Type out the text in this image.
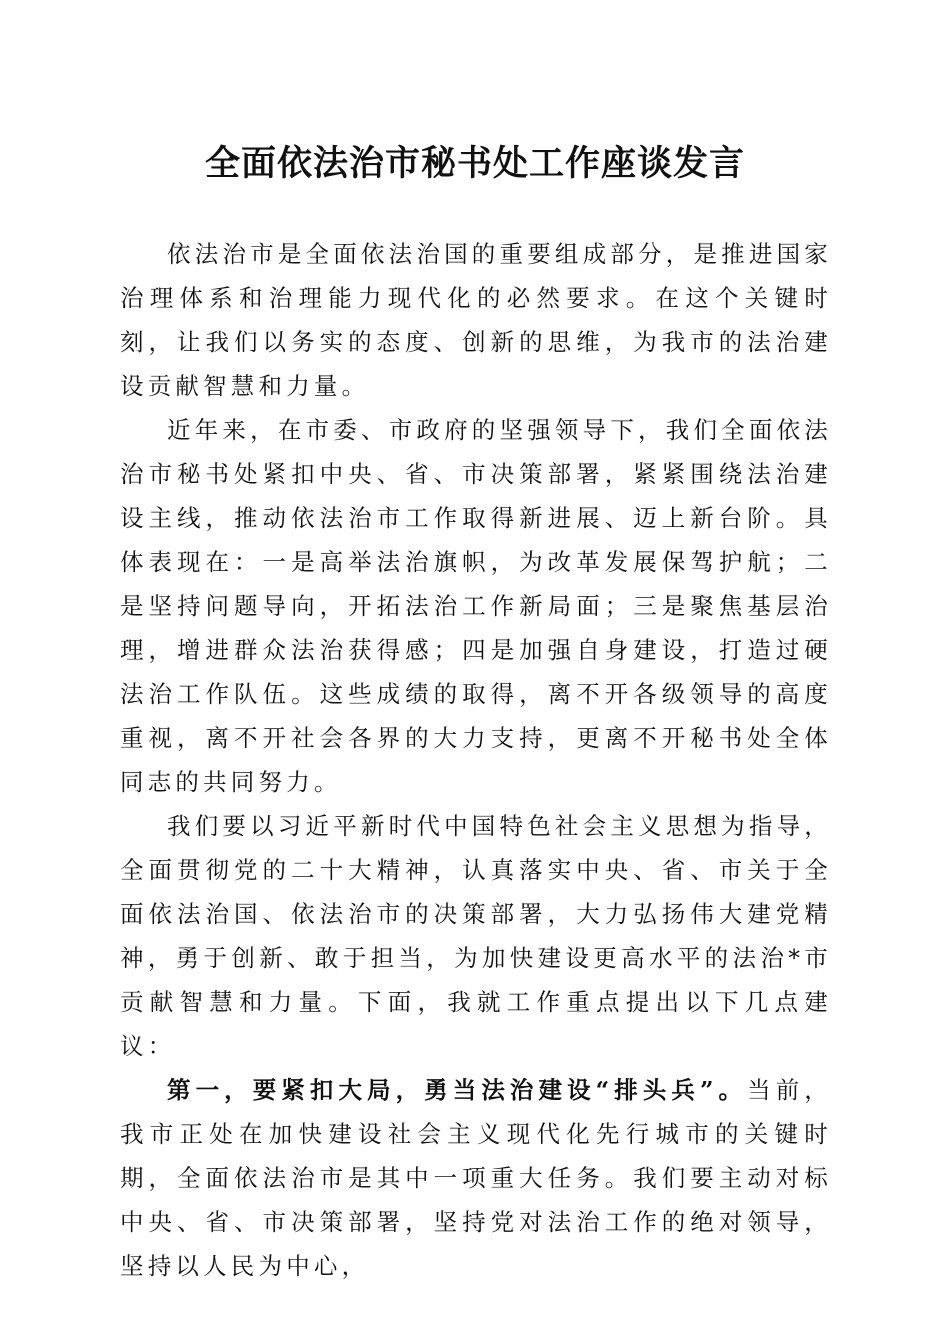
全面依法治市秘书处工作座谈发言

依法治市是全面依法治国的重要组成部分，是推进国家治理体系和治理能力现代化的必然要求。在这个关键时刻，让我们以务实的态度、创新的思维，为我市的法治建设贡献智慧和力量。

近年来，在市委、市政府的坚强领导下，我们全面依法治市秘书处紧扣中央、省、市决策部署，紧紧围绕法治建设主线，推动依法治市工作取得新进展、迈上新台阶。具体表现在：一是高举法治旗帜，为改革发展保驾护航；二是坚持问题导向，开拓法治工作新局面；三是聚焦基层治理，增进群众法治获得感；四是加强自身建设，打造过硬法治工作队伍。这些成绩的取得，离不开各级领导的高度重视，离不开社会各界的大力支持，更离不开秘书处全体同志的共同努力。

我们要以习近平新时代中国特色社会主义思想为指导，全面贯彻党的二十大精神，认真落实中央、省、市关于全面依法治国、依法治市的决策部署，大力弘扬伟大建党精神，勇于创新、敢于担当，为加快建设更高水平的法治*市贡献智慧和力量。下面，我就工作重点提出以下几点建议：

第一，要紧扣大局，勇当法治建设“排头兵”。当前，我市正处在加快建设社会主义现代化先行城市的关键时期，全面依法治市是其中一项重大任务。我们要主动对标中央、省、市决策部署，坚持党对法治工作的绝对领导，坚持以人民为中心，
